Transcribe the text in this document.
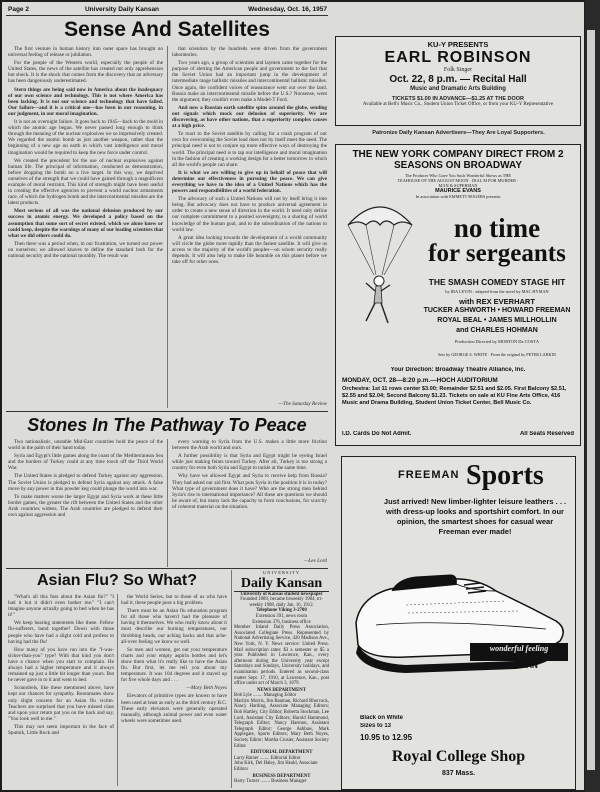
Page 2	University Daily Kansan	Wednesday, Oct. 16, 1957
Sense And Satellites

The first venture in human history into outer space has brought no universal feeling of release or jubilation.

For the people of the Western world, especially the people of the United States, the news of the satellite has created not only apprehension but shock. It is the shock that comes from the discovery that an adversary has been dangerously underestimated.

Stern things are being said now in America about the inadequacy of our own science and technology. This is not where America has been lacking. It is not our science and technology that have failed. Our failure—and it is a critical one—has been in our reasoning, in our judgment, in our moral imagination.

It is not an overnight failure. It goes back to 1945—back to the mold in which the atomic age began. We never passed long enough to think through the meaning of the nuclear explosives we so impressively created. We regarded the atomic bomb as just another weapon, rather than the beginning of a new age on earth in which vast intelligence and moral imagination would be required to keep the new force under control.

We created the precedent for the use of nuclear explosives against human life. The principal of information, conducted as demonstration, before dropping the bomb on a live target. In this way, we deprived ourselves of the strength that we could have gained through a magnificent example of moral restraint. This kind of strength might have been useful in creating the effective agencies to prevent a world nuclear armaments race, of which the hydrogen bomb and the intercontinental missiles are the latest products.

Most serious of all was the national delusion produced by our success in atomic energy. We developed a policy based on the assumption that some sort of secret existed, which we alone knew or could keep, despite the warnings of many of our leading scientists that what we did others could do.

Then there was a period when, in our frustration, we turned our power on ourselves; we allowed knaves to define the standard both for the national security and the national morality. The result was

that scientists by the hundreds were driven from the government laboratories.

Two years ago, a group of scientists and laymen came together for the purpose of alerting the American people and government to the fact that the Soviet Union had an important jump in the development of intermediate range ballistic missiles and intercontinental ballistic missiles. Once again, the confident voices of reassurance went out over the land. Russia make an intercontinental missile before the U.S.? Nonsense, went the argument; they couldn't even make a Model-T Ford.

And now a Russian earth satellite spins around the globe, sending out signals which mock our delusion of superiority. We are discovering, as have other nations, that a superiority complex causes at a high price.

To react to the Soviet satellite by calling for a crash program of our own for overcoming the Soviet lead does not by itself meet the need. The principal need is not to conjure up more effective ways of destroying the world. The principal need is to tap our intelligence and moral imagination in the fashion of creating a working design for a better tomorrow in which all the world's people can share.

It is what we are willing to give up in behalf of peace that will determine our effectiveness in pursuing the peace. We can give everything we have to the idea of a United Nations which has the powers and responsibilities of a world federation.

The advocacy of such a United Nations will not by itself bring it into being. But advocacy does not have to produce universal agreement in order to create a new sense of direction in the world. It need only define our complete commitment to a posited sovereignty, to a sharing of world knowledge of the human goal, and to the subordination of the nations to world law.

A great idea looking towards the development of a world community will circle the globe more rapidly than the fastest satellite. It will give us access to the majority of the world's peoples—on whom security really depends. It will also help to make life bearable on this planet before we take off for other ones.

—The Saturday Review
Stones In The Pathway To Peace

Two nationalistic, unstable Mid-East countries hold the peace of the world in the palm of their hand today.

Syria and Egypt's little games along the coast of the Mediterranean Sea and the borders of Turkey could at any time touch off the Third World War.

The United States is pledged to defend Turkey against any aggression. The Soviet Union is pledged to defend Syria against any attack. A false move by any power in this powder keg could plunge the world into war.

To make matters worse the larger Egypt and Syria work at these little border games, the greater the rift between the United States and the other Arab countries widens. The Arab countries are pledged to defend their own against aggression and

every warning to Syria from the U.S. makes a little more friction between the Arab world and ours.

A further possibility is that Syria and Egypt might be eyeing Israel while just making feints toward Turkey. After all, Turkey is too strong a country for even both Syria and Egypt to tackle at the same time.

Why have we allowed Egypt and Syria to receive help from Russia? They had asked our aid first. What puts Syria in the position it is in today? What type of government does it have? Who are the strong men behind Syria's rise to international importance? All these are questions we should be aware of, but many lack the capacity to form conclusions, for scarcity of coherent material on the situation.

—Lee Lord
Asian Flu? So What?

"What's all this fuss about the Asian flu?" "I had it but it didn't even bother me." "I can't imagine anyone actually going to bed when he has it!"

We keep hearing statements like these. Fellow flu-sufferers, band together! Down with those people who have had a slight cold and profess to having had the flu!

How many of you have run into the "I-was-sicker-than-you" type? With that kind you don't have a chance when you start to complain. He always had a higher temperature and it always remained up just a little bit longer than yours. But he never gave in to it and went to bed.

Scoundrels, like these mentioned above, have kept our chances for sympathy. Roommates show only slight concern for an Asian flu victim. Teachers are surprised that you have missed class and upon your return pat you on the back and say, "You look well to me."

This may not seem important in the face of Sputnik, Little Rock and

the World Series, but to those of us who have had it, these people pose a big problem.

There must be an Asian flu education program for all those who haven't had the pleasure of having it themselves. We who really know about it must describe our burning temperatures, our throbbing heads, our aching backs and that ache-all-over feeling we know so well.

So men and women, get out your temperature charts and your empty aspirin bottles and let's show them what it's really like to have the Asian flu. But first, let me tell you about my temperature. It was 104 degrees and it stayed up for five whole days and . . .

—Mary Beth Noyes

Elevators of primitive types are known to have been used at least as early as the third century B.C. These early elevators were generally operated manually, although animal power and even water wheels were sometimes used.

UNIVERSITY
Daily Kansan
University of Kansas student newspaper
Founded 1889, became biweekly 1904, tri-weekly 1908, daily Jan. 16, 1912.
Telephone Viking 3-2700
Extension 391, news room
Extension 376, business office
Member Inland Daily Press Association, Associated Collegiate Press. Represented by National Advertising Service, 420 Madison Ave., New York, N. Y. News service: United Press. Mail subscription rates: $3 a semester or $5 a year. Published in Lawrence, Kan., every afternoon during the University year except Saturdays and Sundays, University holidays, and examination periods. Entered as second-class matter Sept. 17, 1910, at Lawrence, Kan., post office under act of March 3, 1879.
NEWS DEPARTMENT
Bob Lyle ........ Managing Editor
Marilyn Morris, Jim Bauman, Richard Rhorcock, Nancy Harding, Associate Managing Editors; Bob Hartley, City Editor; Roberta Stockman, Lee Lord, Assistant City Editors; Harold Hammond, Telegraph Editor; Nancy Harmon, Assistant Telegraph Editor; George Ashbaw, Mark Applegate, Sports Editors; Mary Beth Noyes, Society Editor; Martha Crosier, Assistant Society Editor
EDITORIAL DEPARTMENT
Larry Rainer ........ Editorial Editor
John Kirk, Del Haley, Jim Heald, Associate Editors
BUSINESS DEPARTMENT
Harry Turner ........ Business Manager
KU-Y PRESENTS
EARL ROBINSON
Folk Singer
Oct. 22, 8 p.m. — Recital Hall
Music and Dramatic Arts Building
TICKETS $1.00 IN ADVANCE—$1.25 AT THE DOOR
Available at Bell's Music Co., Student Union Ticket Office, or from your KU-Y Representative
Patronize Daily Kansan Advertisers—They Are Loyal Supporters.
THE NEW YORK COMPANY DIRECT FROM 2 SEASONS ON BROADWAY
The Producer Who Gave You Such Wonderful Shows as THE TEAHOUSE OF THE AUGUST MOON · DIAL M FOR MURDER · MAN & SUPERMAN
MAURICE EVANS
In association with EMMETT ROGERS presents
no time
for sergeants
THE SMASH COMEDY STAGE HIT
by IRA LEVIN · adapted from the novel by MAC HYMAN
with REX EVERHART
TUCKER ASHWORTH • HOWARD FREEMAN
ROYAL BEAL • JAMES MILLHOLLIN
and CHARLES HOHMAN
Production Directed by MORTON Da COSTA
Sets by GEORGE S. WHITE · From the original by PETER LARKIN
Your Direction: Broadway Theatre Alliance, Inc.
MONDAY, OCT. 28—8:20 p.m.—HOCH AUDITORIUM
Orchestra: 1st 11 rows center $3.00; Remainder $2.51 and $2.05. First Balcony $2.51, $2.55 and $2.04; Second Balcony $1.23. Tickets on sale at KU Fine Arts Office, 416 Music and Drama Building, Student Union Ticket Center, Bell Music Co.
I.D. Cards Do Not Admit.	All Seats Reserved
FREEMAN Sports
Just arrived! New limber-lighter leisure leathers . . . with dress-up looks and sportshirt comfort. In our opinion, the smartest shoes for casual wear Freeman ever made!
wonderful feeling
FREEMAN
Black on White
Sizes to 13
10.95 to 12.95
Royal College Shop
837 Mass.
